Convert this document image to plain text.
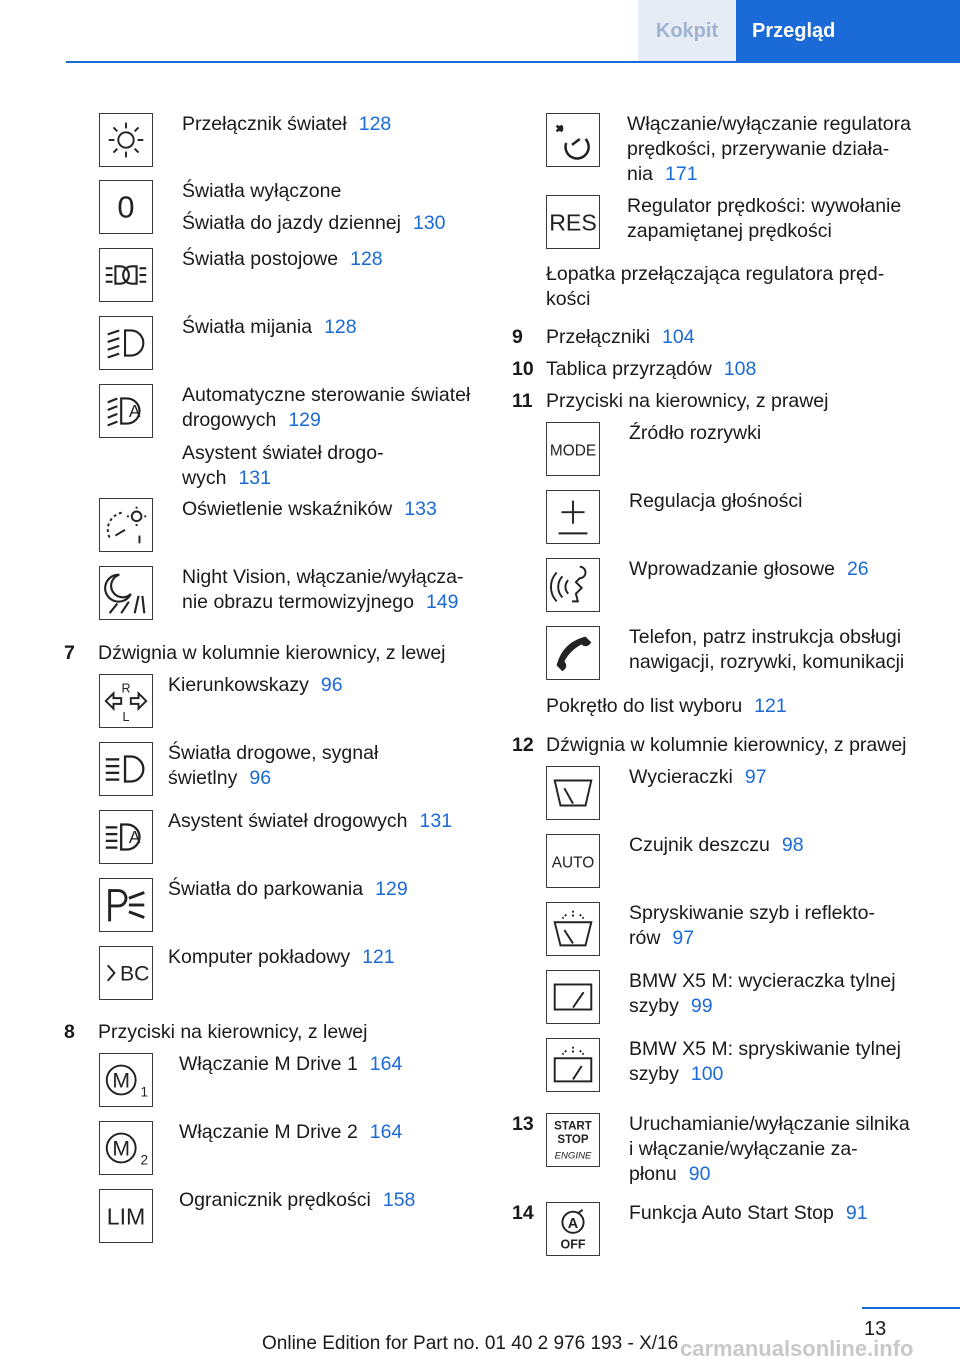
Kokpit	Przegląd
Przełącznik świateł 128
0 Światła wyłączone
Światła do jazdy dziennej 130
Światła postojowe 128
Światła mijania 128
A
Automatyczne sterowanie świateł
drogowych 129
Asystent świateł drogo-
wych 131
Oświetlenie wskaźników 133
Night Vision, włączanie/wyłącza-
nie obrazu termowizyjnego 149
7 Dźwignia w kolumnie kierownicy, z lewej
R
L
Kierunkowskazy 96
Światła drogowe, sygnał
świetlny 96
A
Asystent świateł drogowych 131
Światła do parkowania 129
BC
Komputer pokładowy 121
8 Przyciski na kierownicy, z lewej
M 1
Włączanie M Drive 1 164
M 2
Włączanie M Drive 2 164
LIM
Ogranicznik prędkości 158
Włączanie/wyłączanie regulatora
prędkości, przerywanie działa-
nia 171
RES
Regulator prędkości: wywołanie
zapamiętanej prędkości
Łopatka przełączająca regulatora pręd-
kości
9 Przełączniki 104
10 Tablica przyrządów 108
11 Przyciski na kierownicy, z prawej
MODE
Źródło rozrywki
Regulacja głośności
Wprowadzanie głosowe 26
Telefon, patrz instrukcja obsługi
nawigacji, rozrywki, komunikacji
Pokrętło do list wyboru 121
12 Dźwignia w kolumnie kierownicy, z prawej
Wycieraczki 97
AUTO
Czujnik deszczu 98
Spryskiwanie szyb i reflekto-
rów 97
BMW X5 M: wycieraczka tylnej
szyby 99
BMW X5 M: spryskiwanie tylnej
szyby 100
13 START
STOP
ENGINE
Uruchamianie/wyłączanie silnika
i włączanie/wyłączanie za-
płonu 90
14
A
OFF
Funkcja Auto Start Stop 91
13
Online Edition for Part no. 01 40 2 976 193 - X/16 carmanualsonline.info
